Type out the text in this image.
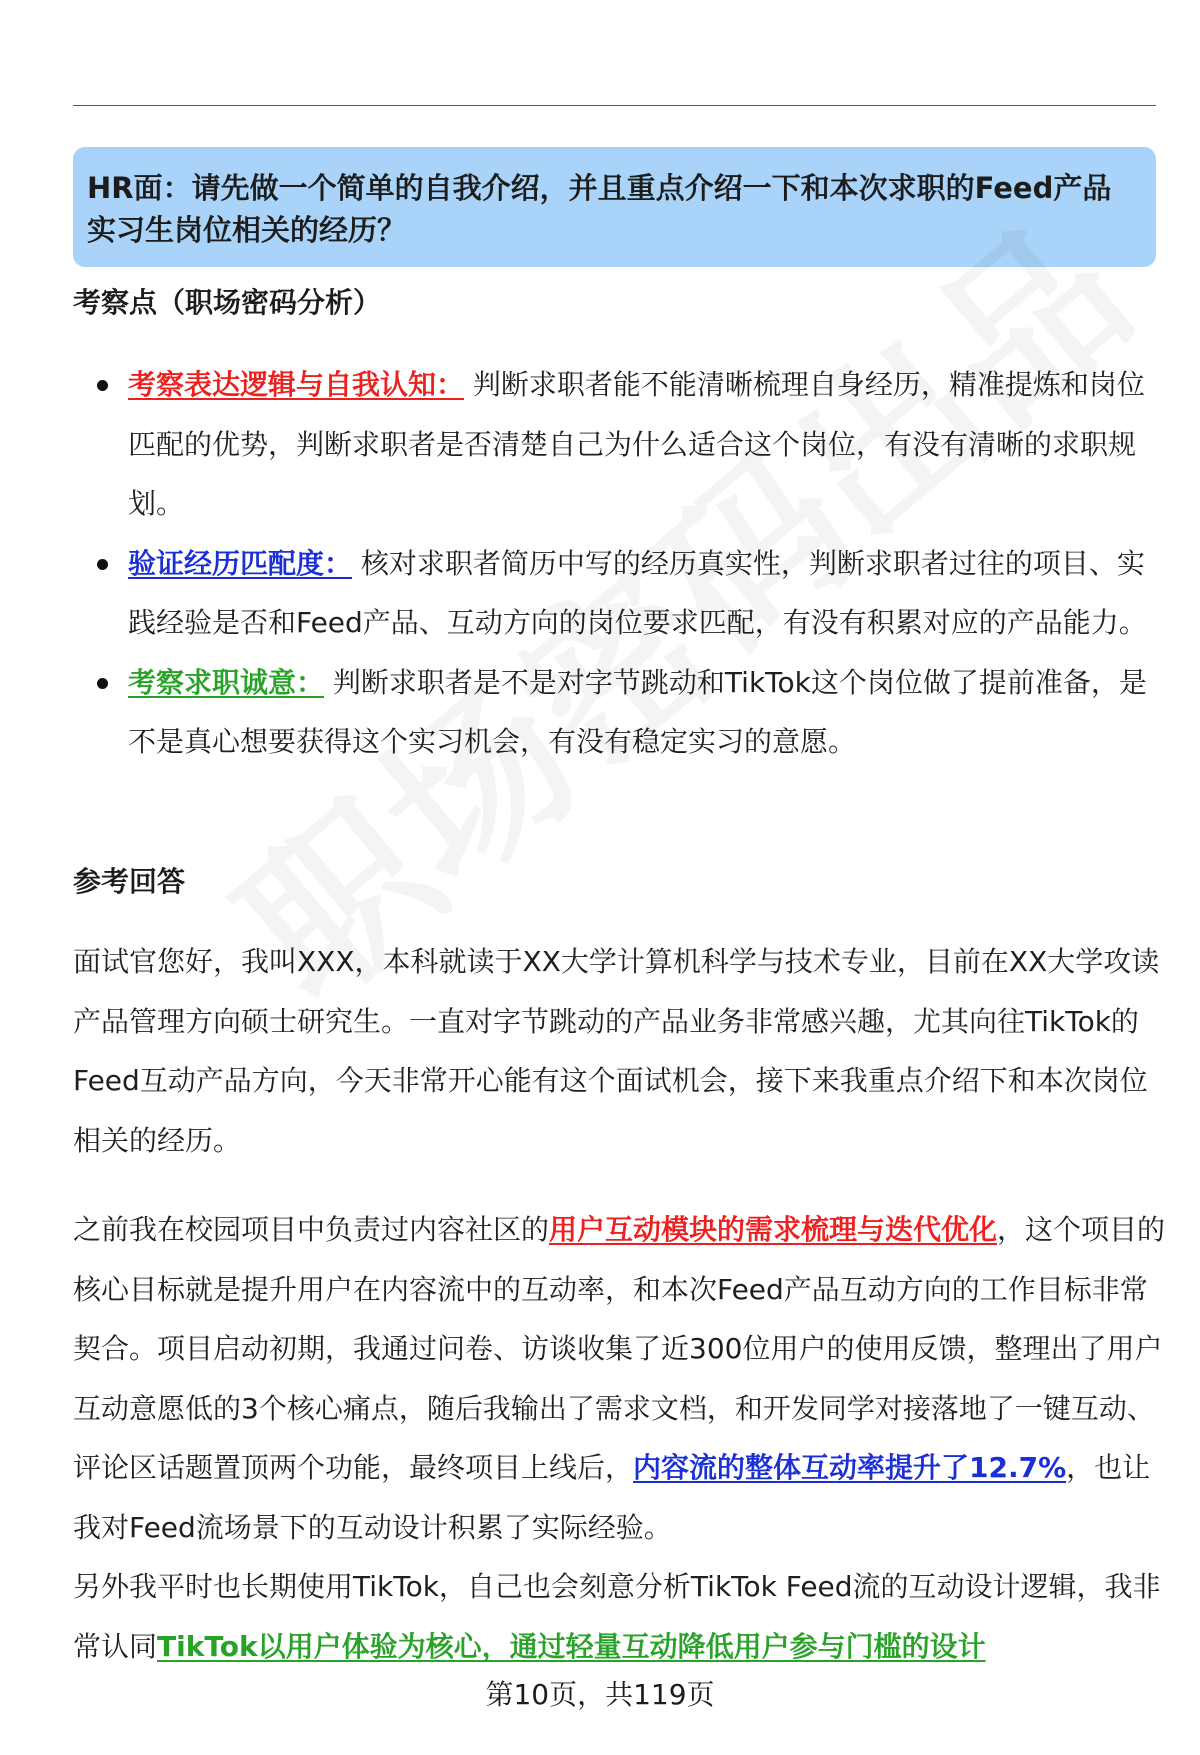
HR面：请先做一个简单的自我介绍，并且重点介绍一下和本次求职的Feed产品

实习生岗位相关的经历？

考察点（职场密码分析）
考察表达逻辑与自我认知： 判断求职者能不能清晰梳理自身经历，精准提炼和岗位匹配的优势，判断求职者是否清楚自己为什么适合这个岗位，有没有清晰的求职规划。
验证经历匹配度： 核对求职者简历中写的经历真实性，判断求职者过往的项目、实践经验是否和Feed产品、互动方向的岗位要求匹配，有没有积累对应的产品能力。
考察求职诚意： 判断求职者是不是对字节跳动和TikTok这个岗位做了提前准备，是不是真心想要获得这个实习机会，有没有稳定实习的意愿。
参考回答

面试官您好，我叫XXX，本科就读于XX大学计算机科学与技术专业，目前在XX大学攻读产品管理方向硕士研究生。一直对字节跳动的产品业务非常感兴趣，尤其向往TikTok的Feed互动产品方向，今天非常开心能有这个面试机会，接下来我重点介绍下和本次岗位相关的经历。

之前我在校园项目中负责过内容社区的用户互动模块的需求梳理与迭代优化，这个项目的核心目标就是提升用户在内容流中的互动率，和本次Feed产品互动方向的工作目标非常契合。项目启动初期，我通过问卷、访谈收集了近300位用户的使用反馈，整理出了用户互动意愿低的3个核心痛点，随后我输出了需求文档，和开发同学对接落地了一键互动、评论区话题置顶两个功能，最终项目上线后，内容流的整体互动率提升了12.7%，也让我对Feed流场景下的互动设计积累了实际经验。

另外我平时也长期使用TikTok，自己也会刻意分析TikTok Feed流的互动设计逻辑，我非常认同TikTok以用户体验为核心，通过轻量互动降低用户参与门槛的设计

第10页，共119页
